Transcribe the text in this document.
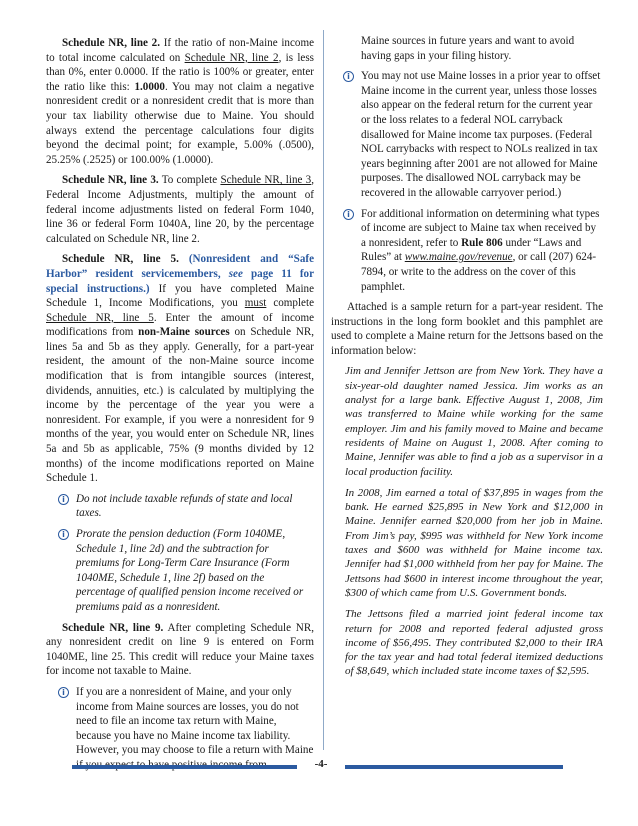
Schedule NR, line 2. If the ratio of non-Maine income to total income calculated on Schedule NR, line 2, is less than 0%, enter 0.0000. If the ratio is 100% or greater, enter the ratio like this: 1.0000. You may not claim a negative nonresident credit or a nonresident credit that is more than your tax liability otherwise due to Maine. You should always extend the percentage calculations four digits beyond the decimal point; for example, 5.00% (.0500), 25.25% (.2525) or 100.00% (1.0000).

Schedule NR, line 3. To complete Schedule NR, line 3, Federal Income Adjustments, multiply the amount of federal income adjustments listed on federal Form 1040, line 36 or federal Form 1040A, line 20, by the percentage calculated on Schedule NR, line 2.

Schedule NR, line 5. (Nonresident and “Safe Harbor” resident servicemembers, see page 11 for special instructions.) If you have completed Maine Schedule 1, Income Modifications, you must complete Schedule NR, line 5. Enter the amount of income modifications from non-Maine sources on Schedule NR, lines 5a and 5b as they apply. Generally, for a part-year resident, the amount of the non-Maine source income modification that is from intangible sources (interest, dividends, annuities, etc.) is calculated by multiplying the income by the percentage of the year you were a nonresident. For example, if you were a nonresident for 9 months of the year, you would enter on Schedule NR, lines 5a and 5b as applicable, 75% (9 months divided by 12 months) of the income modifications reported on Maine Schedule 1.

i	Do not include taxable refunds of state and local taxes.

i	Prorate the pension deduction (Form 1040ME, Schedule 1, line 2d) and the subtraction for premiums for Long-Term Care Insurance (Form 1040ME, Schedule 1, line 2f) based on the percentage of qualified pension income received or premiums paid as a nonresident.

Schedule NR, line 9. After completing Schedule NR, any nonresident credit on line 9 is entered on Form 1040ME, line 25. This credit will reduce your Maine taxes for income not taxable to Maine.

i	If you are a nonresident of Maine, and your only income from Maine sources are losses, you do not need to file an income tax return with Maine, because you have no Maine income tax liability. However, you may choose to file a return with Maine

Maine sources in future years and want to avoid having gaps in your filing history.

i	You may not use Maine losses in a prior year to offset Maine income in the current year, unless those losses also appear on the federal return for the current year or the loss relates to a federal NOL carryback disallowed for Maine income tax purposes. (Federal NOL carrybacks with respect to NOLs realized in tax years beginning after 2001 are not allowed for Maine purposes. The disallowed NOL carryback may be recovered in the allowable carryover period.)

i	For additional information on determining what types of income are subject to Maine tax when received by a nonresident, refer to Rule 806 under “Laws and Rules” at www.maine.gov/revenue, or call (207) 624-7894, or write to the address on the cover of this pamphlet.

Attached is a sample return for a part-year resident. The instructions in the long form booklet and this pamphlet are used to complete a Maine return for the Jettsons based on the information below:

Jim and Jennifer Jettson are from New York. They have a six-year-old daughter named Jessica. Jim works as an analyst for a large bank. Effective August 1, 2008, Jim was transferred to Maine while working for the same employer. Jim and his family moved to Maine and became residents of Maine on August 1, 2008. After coming to Maine, Jennifer was able to find a job as a supervisor in a local production facility.

In 2008, Jim earned a total of $37,895 in wages from the bank. He earned $25,895 in New York and $12,000 in Maine. Jennifer earned $20,000 from her job in Maine. From Jim’s pay, $995 was withheld for New York income taxes and $600 was withheld for Maine income tax. Jennifer had $1,000 withheld from her pay for Maine. The Jettsons had $600 in interest income throughout the year, $300 of which came from U.S. Government bonds.

The Jettsons filed a married joint federal income tax return for 2008 and reported federal adjusted gross income of $56,495. They contributed $2,000 to their IRA for the tax year and had total federal itemized deductions of $8,649, which included state income taxes of $2,595.

-4-
